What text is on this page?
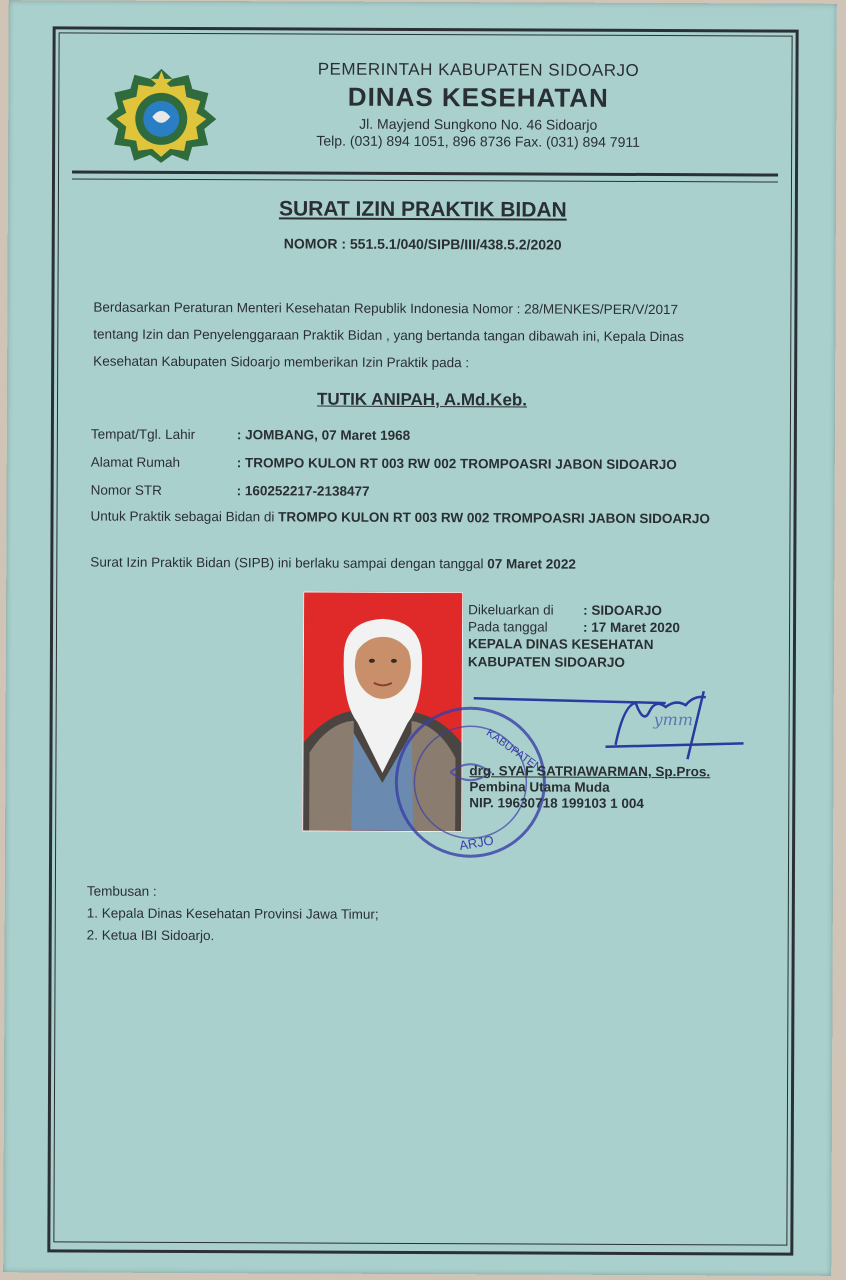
PEMERINTAH KABUPATEN SIDOARJO
DINAS KESEHATAN
Jl. Mayjend Sungkono No. 46 Sidoarjo
Telp. (031) 894 1051, 896 8736 Fax. (031) 894 7911
SURAT IZIN PRAKTIK BIDAN
NOMOR : 551.5.1/040/SIPB/III/438.5.2/2020
Berdasarkan Peraturan Menteri Kesehatan Republik Indonesia Nomor : 28/MENKES/PER/V/2017
tentang Izin dan Penyelenggaraan Praktik Bidan , yang bertanda tangan dibawah ini, Kepala Dinas
Kesehatan Kabupaten Sidoarjo memberikan Izin Praktik pada :
TUTIK ANIPAH, A.Md.Keb.
Tempat/Tgl. Lahir	: JOMBANG, 07 Maret 1968
Alamat Rumah	: TROMPO KULON RT 003 RW 002 TROMPOASRI JABON SIDOARJO
Nomor STR	: 160252217-2138477
Untuk Praktik sebagai Bidan di TROMPO KULON RT 003 RW 002 TROMPOASRI JABON SIDOARJO
Surat Izin Praktik Bidan (SIPB) ini berlaku sampai dengan tanggal 07 Maret 2022
KABUPATEN
ARJO
Dikeluarkan di : SIDOARJO
Pada tanggal	: 17 Maret 2020
KEPALA DINAS KESEHATAN
KABUPATEN SIDOARJO
ymm
drg. SYAF SATRIAWARMAN, Sp.Pros.
Pembina Utama Muda
NIP. 19630718 199103 1 004
Tembusan :
1. Kepala Dinas Kesehatan Provinsi Jawa Timur;
2. Ketua IBI Sidoarjo.
